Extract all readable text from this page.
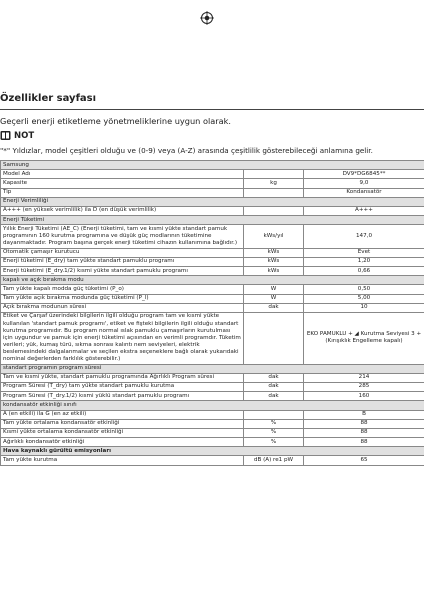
Özellikler sayfası
Geçerli enerji etiketleme yönetmeliklerine uygun olarak.
NOT
"*" Yıldızlar, model çeşitleri olduğu ve (0-9) veya (A-Z) arasında çeşitlilik gösterebileceği anlamına gelir.
Samsung		
Model Adı		DV9*DG6845**
Kapasite	kg	9,0
Tip		Kondansatör
Enerji Verimliliği		
A+++ (en yüksek verimlilik) ila D (en düşük verimlilik)		A+++
Enerji Tüketimi		
Yıllık Enerji Tüketimi (AE_C) (Enerji tüketimi, tam ve kısmi yükte standart pamuk programının 160 kurutma programına ve düşük güç modlarının tüketimine dayanmaktadır. Program başına gerçek enerji tüketimi cihazın kullanımına bağlıdır.)	kWs/yıl	147,0
Otomatik çamaşır kurutucu	kWs	Evet
Enerji tüketimi (E_dry) tam yükte standart pamuklu programı	kWs	1,20
Enerji tüketimi (E_dry.1/2) kısmi yükte standart pamuklu programı	kWs	0,66
kapalı ve açık bırakma modu		
Tam yükte kapalı modda güç tüketimi (P_o)	W	0,50
Tam yükte açık bırakma modunda güç tüketimi (P_l)	W	5,00
Açık bırakma modunun süresi	dak	10
Etiket ve Çarşaf üzerindeki bilgilerin ilgili olduğu program tam ve kısmi yükte kullanılan 'standart pamuk programı', etiket ve fişteki bilgilerin ilgili olduğu standart kurutma programıdır. Bu program normal ıslak pamuklu çamaşırların kurutulması için uygundur ve pamuk için enerji tüketimi açısından en verimli programdır. Tüketim verileri; yük, kumaş türü, sıkma sonrası kalıntı nem seviyeleri, elektrik beslemesindeki dalgalanmalar ve seçilen ekstra seçeneklere bağlı olarak yukarıdaki nominal değerlerden farklılık gösterebilir.)		EKO PAMUKLU + ◢ Kurutma Seviyesi 3 + (Kırışıklık Engelleme kapalı)
standart programın program süresi		
Tam ve kısmi yükte, standart pamuklu programında Ağırlıklı Program süresi	dak	214
Program Süresi (T_dry) tam yükte standart pamuklu kurutma	dak	285
Program Süresi (T_dry.1/2) kısmi yüklü standart pamuklu programı	dak	160
kondansatör etkinliği sınıfı		
A (en etkili) ila G (en az etkili)		B
Tam yükte ortalama kondansatör etkinliği	%	88
Kısmi yükte ortalama kondansatör etkinliği	%	88
Ağırlıklı kondansatör etkinliği	%	88
Hava kaynaklı gürültü emisyonları		
Tam yükte kurutma	dB (A) re1 pW	65
